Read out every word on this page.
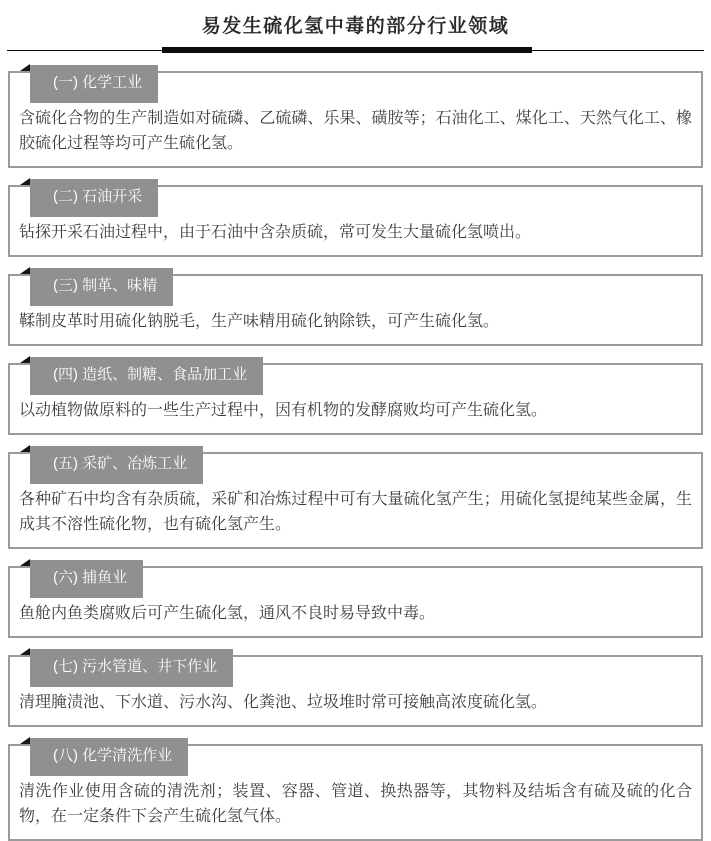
易发生硫化氢中毒的部分行业领域
(一) 化学工业

含硫化合物的生产制造如对硫磷、乙硫磷、乐果、磺胺等；石油化工、煤化工、天然气化工、橡胶硫化过程等均可产生硫化氢。

(二) 石油开采

钻探开采石油过程中，由于石油中含杂质硫，常可发生大量硫化氢喷出。

(三) 制革、味精

鞣制皮革时用硫化钠脱毛，生产味精用硫化钠除铁，可产生硫化氢。

(四) 造纸、制糖、食品加工业

以动植物做原料的一些生产过程中，因有机物的发酵腐败均可产生硫化氢。

(五) 采矿、冶炼工业

各种矿石中均含有杂质硫，采矿和冶炼过程中可有大量硫化氢产生；用硫化氢提纯某些金属，生成其不溶性硫化物，也有硫化氢产生。

(六) 捕鱼业

鱼舱内鱼类腐败后可产生硫化氢，通风不良时易导致中毒。

(七) 污水管道、井下作业

清理腌渍池、下水道、污水沟、化粪池、垃圾堆时常可接触高浓度硫化氢。

(八) 化学清洗作业

清洗作业使用含硫的清洗剂；装置、容器、管道、换热器等，其物料及结垢含有硫及硫的化合物，在一定条件下会产生硫化氢气体。
